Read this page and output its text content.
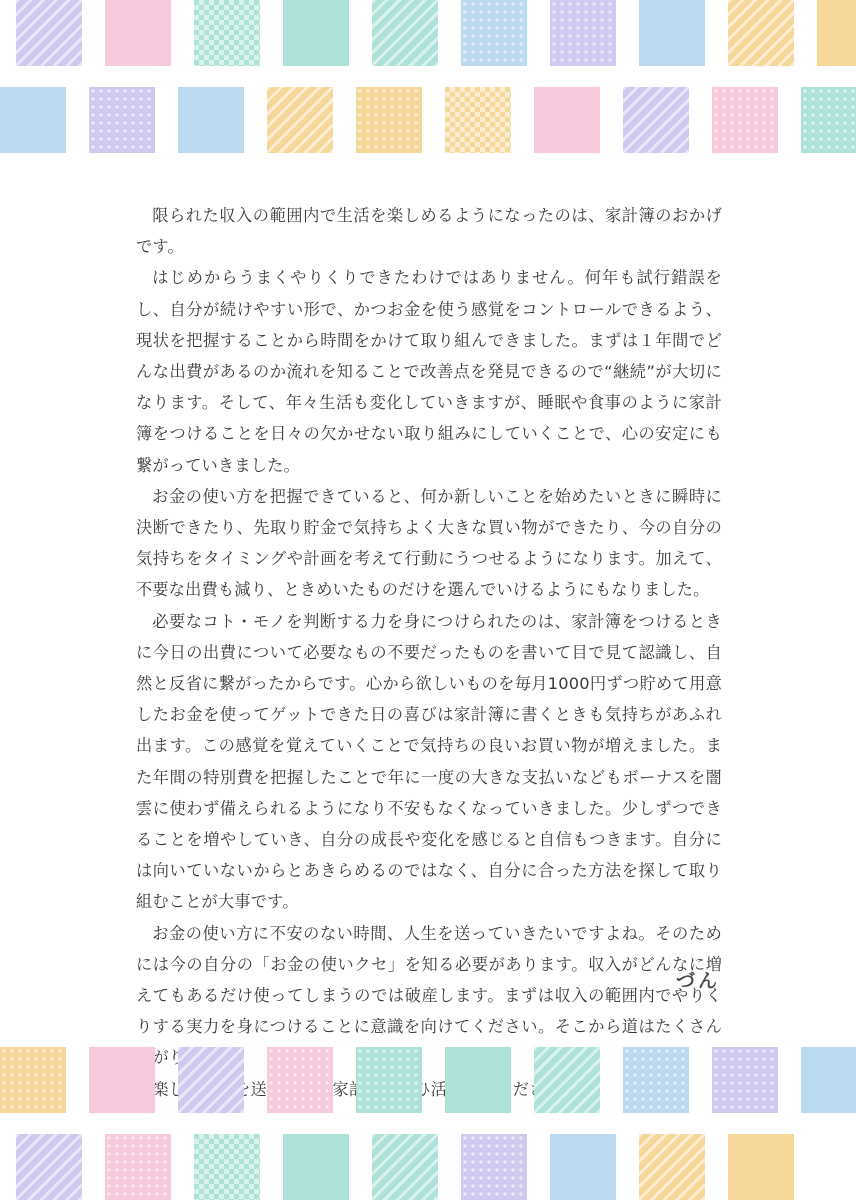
限られた収入の範囲内で生活を楽しめるようになったのは、家計簿のおかげです。

はじめからうまくやりくりできたわけではありません。何年も試行錯誤をし、自分が続けやすい形で、かつお金を使う感覚をコントロールできるよう、現状を把握することから時間をかけて取り組んできました。まずは１年間でどんな出費があるのか流れを知ることで改善点を発見できるので“継続”が大切になります。そして、年々生活も変化していきますが、睡眠や食事のように家計簿をつけることを日々の欠かせない取り組みにしていくことで、心の安定にも繋がっていきました。

お金の使い方を把握できていると、何か新しいことを始めたいときに瞬時に決断できたり、先取り貯金で気持ちよく大きな買い物ができたり、今の自分の気持ちをタイミングや計画を考えて行動にうつせるようになります。加えて、不要な出費も減り、ときめいたものだけを選んでいけるようにもなりました。

必要なコト・モノを判断する力を身につけられたのは、家計簿をつけるときに今日の出費について必要なもの不要だったものを書いて目で見て認識し、自然と反省に繋がったからです。心から欲しいものを毎月1000円ずつ貯めて用意したお金を使ってゲットできた日の喜びは家計簿に書くときも気持ちがあふれ出ます。この感覚を覚えていくことで気持ちの良いお買い物が増えました。また年間の特別費を把握したことで年に一度の大きな支払いなどもボーナスを闇雲に使わず備えられるようになり不安もなくなっていきました。少しずつできることを増やしていき、自分の成長や変化を感じると自信もつきます。自分には向いていないからとあきらめるのではなく、自分に合った方法を探して取り組むことが大事です。

お金の使い方に不安のない時間、人生を送っていきたいですよね。そのためには今の自分の「お金の使いクセ」を知る必要があります。収入がどんなに増えてもあるだけ使ってしまうのでは破産します。まずは収入の範囲内でやりくりする実力を身につけることに意識を向けてください。そこから道はたくさん がり

づん
